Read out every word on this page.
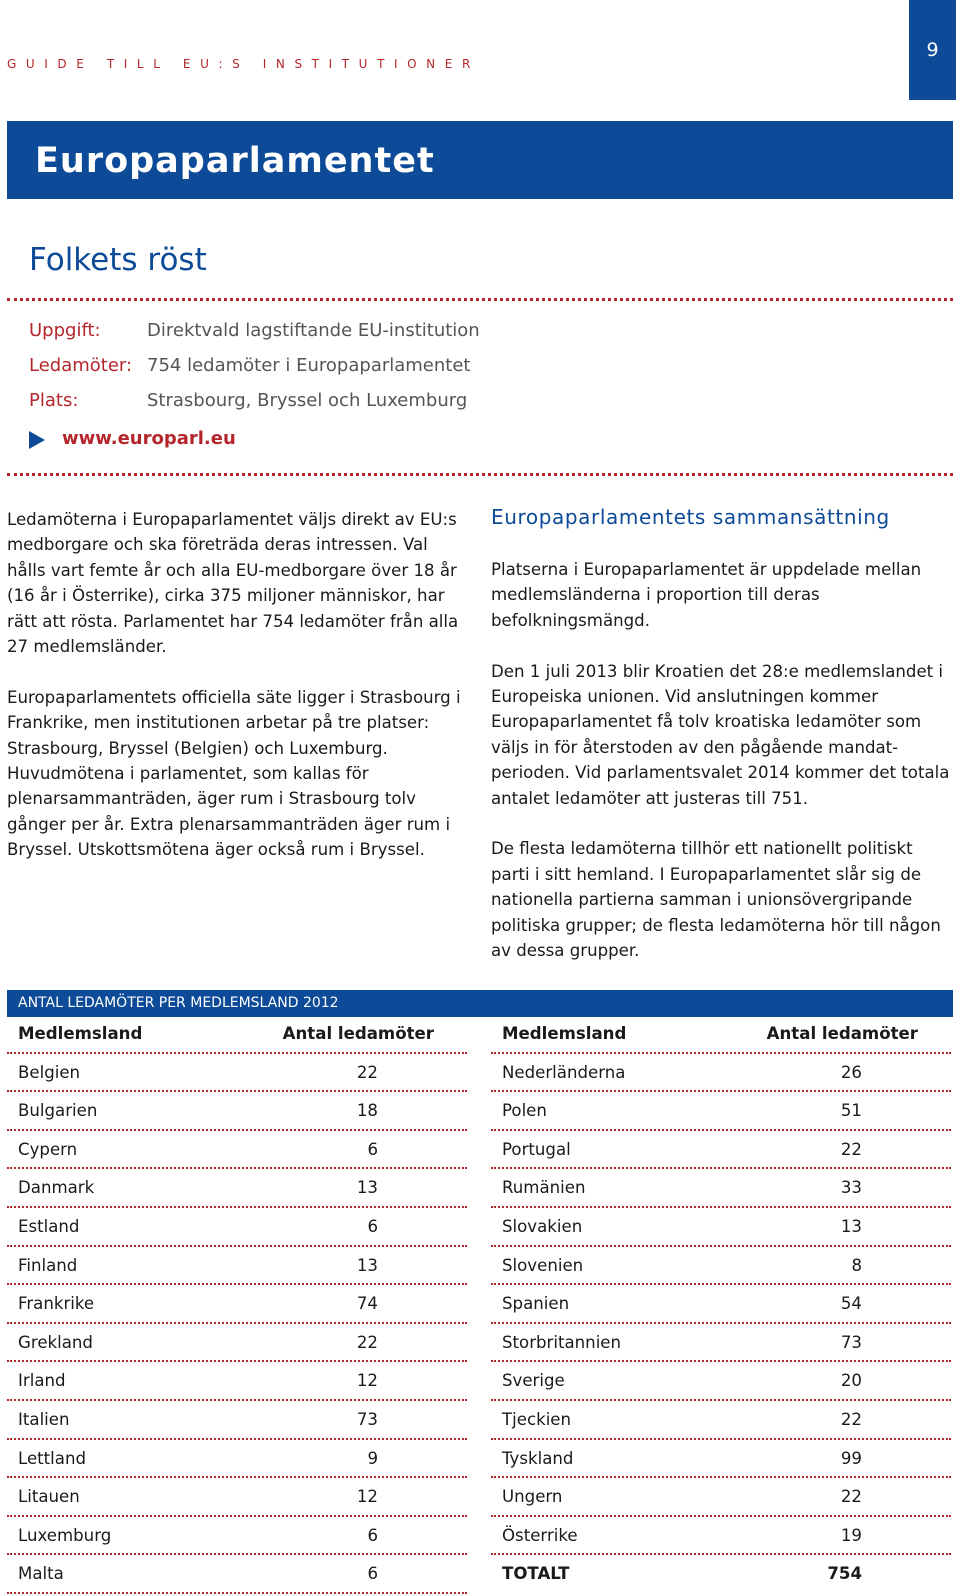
GUIDE TILL EU:S INSTITUTIONER
9
Europaparlamentet
Folkets röst
Uppgift:	Direktvald lagstiftande EU-institution
Ledamöter: 754 ledamöter i Europaparlamentet
Plats:	Strasbourg, Bryssel och Luxemburg
www.europarl.eu

Ledamöterna i Europaparlamentet väljs direkt av EU:s medborgare och ska företräda deras intressen. Val hålls vart femte år och alla EU-medborgare över 18 år (16 år i Österrike), cirka 375 miljoner människor, har rätt att rösta. Parlamentet har 754 ledamöter från alla 27 medlemsländer.

Europaparlamentets officiella säte ligger i Strasbourg i Frankrike, men institutionen arbetar på tre platser: Strasbourg, Bryssel (Belgien) och Luxemburg. Huvudmötena i parlamentet, som kallas för plenarsammanträden, äger rum i Strasbourg tolv gånger per år. Extra plenarsammanträden äger rum i Bryssel. Utskottsmötena äger också rum i Bryssel.

Europaparlamentets sammansättning

Platserna i Europaparlamentet är uppdelade mellan medlemsländerna i proportion till deras befolkningsmängd.

Den 1 juli 2013 blir Kroatien det 28:e medlemslandet i Europeiska unionen. Vid anslutningen kommer Europaparlamentet få tolv kroatiska ledamöter som väljs in för återstoden av den pågående mandat-perioden. Vid parlamentsvalet 2014 kommer det totala antalet ledamöter att justeras till 751.

De flesta ledamöterna tillhör ett nationellt politiskt parti i sitt hemland. I Europaparlamentet slår sig de nationella partierna samman i unionsövergripande politiska grupper; de flesta ledamöterna hör till någon av dessa grupper.

ANTAL LEDAMÖTER PER MEDLEMSLAND 2012
Medlemsland	Antal ledamöter
Belgien	22
Bulgarien	18
Cypern	6
Danmark	13
Estland	6
Finland	13
Frankrike	74
Grekland	22
Irland	12
Italien	73
Lettland	9
Litauen	12
Luxemburg	6
Malta	6
Medlemsland	Antal ledamöter
Nederländerna	26
Polen	51
Portugal	22
Rumänien	33
Slovakien	13
Slovenien	8
Spanien	54
Storbritannien	73
Sverige	20
Tjeckien	22
Tyskland	99
Ungern	22
Österrike	19
TOTALT	754
